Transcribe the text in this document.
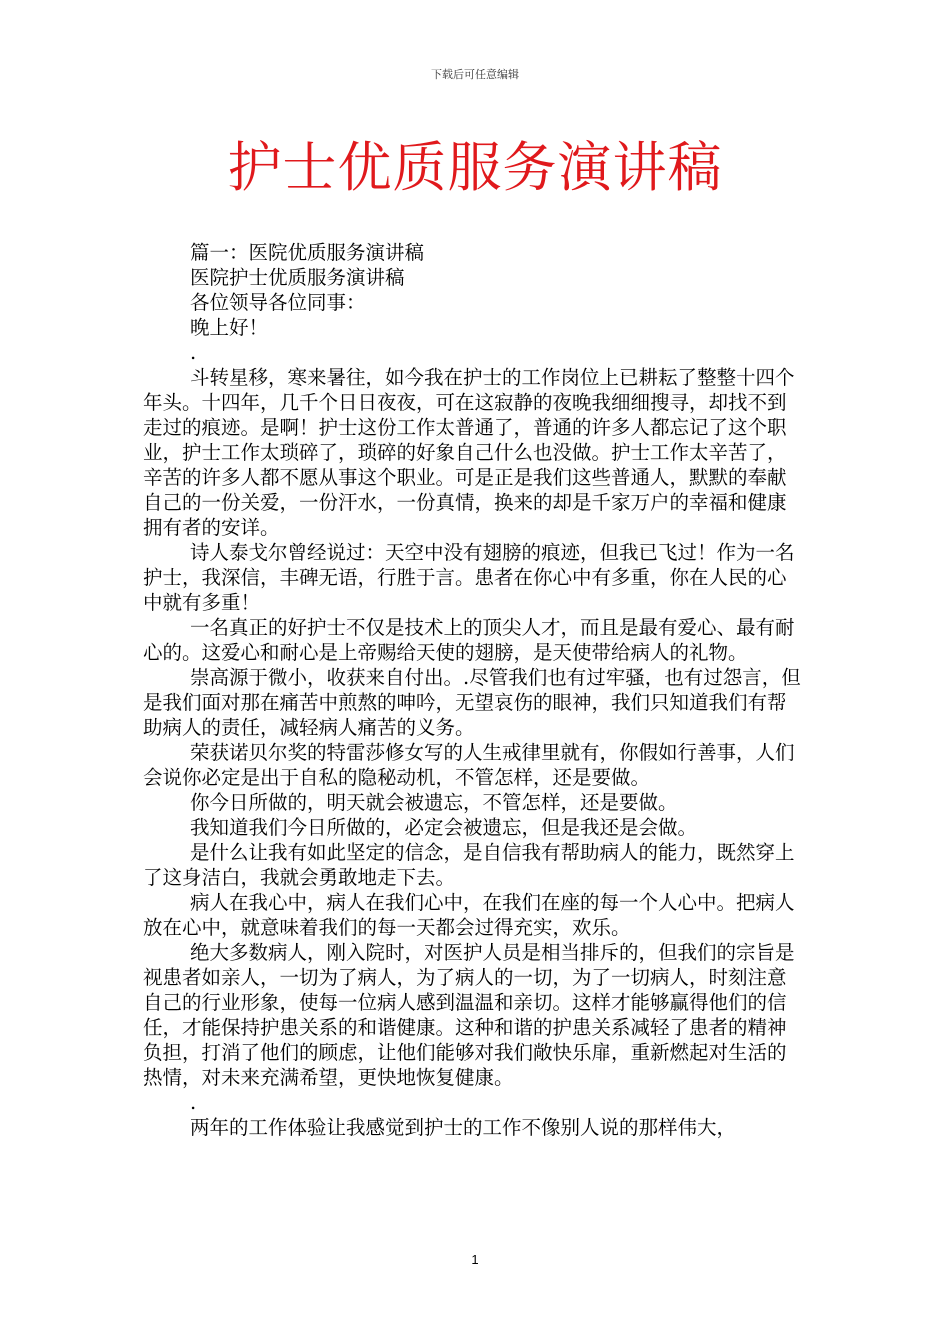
下载后可任意编辑
护士优质服务演讲稿

篇一：医院优质服务演讲稿

医院护士优质服务演讲稿

各位领导各位同事：

晚上好！

.

斗转星移，寒来暑往，如今我在护士的工作岗位上已耕耘了整整十四个年头。十四年，几千个日日夜夜，可在这寂静的夜晚我细细搜寻，却找不到走过的痕迹。是啊！护士这份工作太普通了，普通的许多人都忘记了这个职业，护士工作太琐碎了，琐碎的好象自己什么也没做。护士工作太辛苦了，辛苦的许多人都不愿从事这个职业。可是正是我们这些普通人，默默的奉献自己的一份关爱，一份汗水，一份真情，换来的却是千家万户的幸福和健康拥有者的安详。

诗人泰戈尔曾经说过：天空中没有翅膀的痕迹，但我已飞过！作为一名护士，我深信，丰碑无语，行胜于言。患者在你心中有多重，你在人民的心中就有多重！

一名真正的好护士不仅是技术上的顶尖人才，而且是最有爱心、最有耐心的。这爱心和耐心是上帝赐给天使的翅膀，是天使带给病人的礼物。

崇高源于微小，收获来自付出。.尽管我们也有过牢骚，也有过怨言，但是我们面对那在痛苦中煎熬的呻吟，无望哀伤的眼神，我们只知道我们有帮助病人的责任，减轻病人痛苦的义务。

荣获诺贝尔奖的特雷莎修女写的人生戒律里就有，你假如行善事，人们会说你必定是出于自私的隐秘动机，不管怎样，还是要做。

你今日所做的，明天就会被遗忘，不管怎样，还是要做。

我知道我们今日所做的，必定会被遗忘，但是我还是会做。

是什么让我有如此坚定的信念，是自信我有帮助病人的能力，既然穿上了这身洁白，我就会勇敢地走下去。

病人在我心中，病人在我们心中，在我们在座的每一个人心中。把病人放在心中，就意味着我们的每一天都会过得充实，欢乐。

绝大多数病人，刚入院时，对医护人员是相当排斥的，但我们的宗旨是视患者如亲人，一切为了病人，为了病人的一切，为了一切病人，时刻注意自己的行业形象，使每一位病人感到温温和亲切。这样才能够赢得他们的信任，才能保持护患关系的和谐健康。这种和谐的护患关系减轻了患者的精神负担，打消了他们的顾虑，让他们能够对我们敞快乐扉，重新燃起对生活的热情，对未来充满希望，更快地恢复健康。

.

两年的工作体验让我感觉到护士的工作不像别人说的那样伟大，

1
